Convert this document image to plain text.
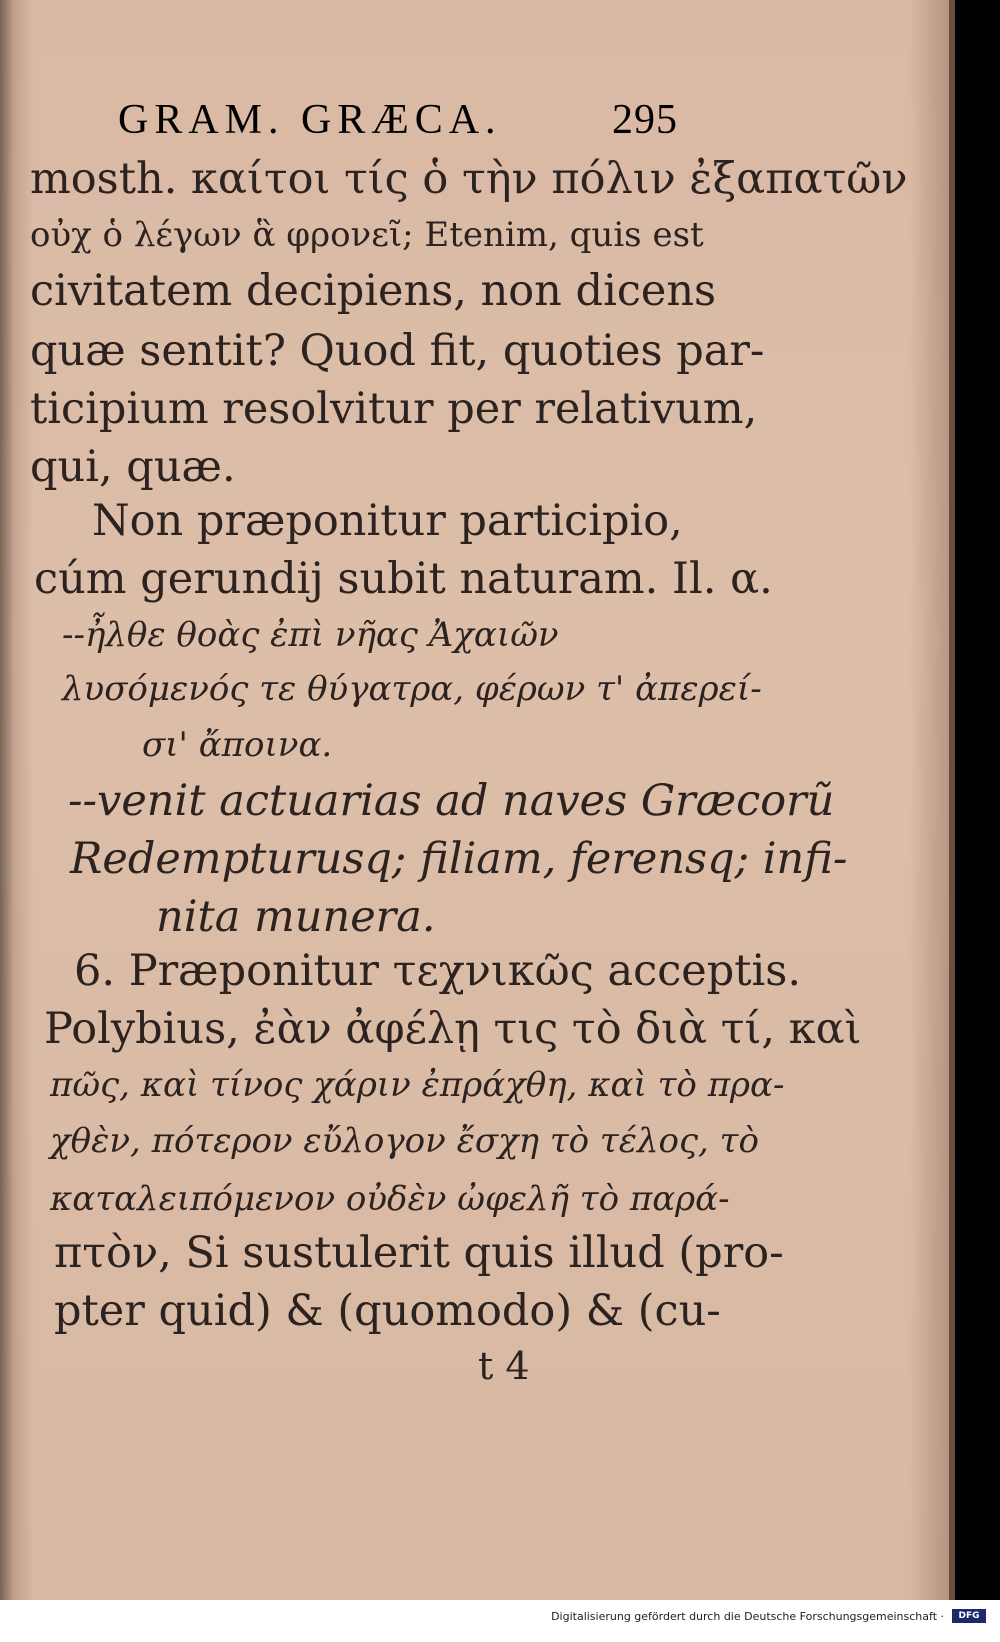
GRAM. GRÆCA.	295
mosth. καίτοι τίς ὁ τὴν πόλιν ἐξαπατῶν
οὐχ ὁ λέγων ἃ φρονεῖ; Etenim, quis est
civitatem decipiens, non dicens
quæ sentit? Quod fit, quoties par-
ticipium resolvitur per relativum,
qui, quæ.
Non præponitur participio,
cúm gerundij subit naturam. Il. α.
--ἦλθε θοὰς ἐπὶ νῆας Ἀχαιῶν
λυσόμενός τε θύγατρα, φέρων τ' ἀπερεί-
σι' ἄποινα.
--venit actuarias ad naves Græcorũ
Redempturusq; filiam, ferensq; infi-
nita munera.
6. Præponitur τεχνικῶς acceptis.
Polybius, ἐὰν ἀφέλῃ τις τὸ διὰ τί, καὶ
πῶς, καὶ τίνος χάριν ἐπράχθη, καὶ τὸ πρα-
χθὲν, πότερον εὔλογον ἔσχη τὸ τέλος, τὸ
καταλειπόμενον οὐδὲν ὠφελῆ τὸ παρά-
πτὸν, Si sustulerit quis illud (pro-
pter quid) & (quomodo) & (cu-
t 4
Digitalisierung gefördert durch die Deutsche Forschungsgemeinschaft ·	DFG
